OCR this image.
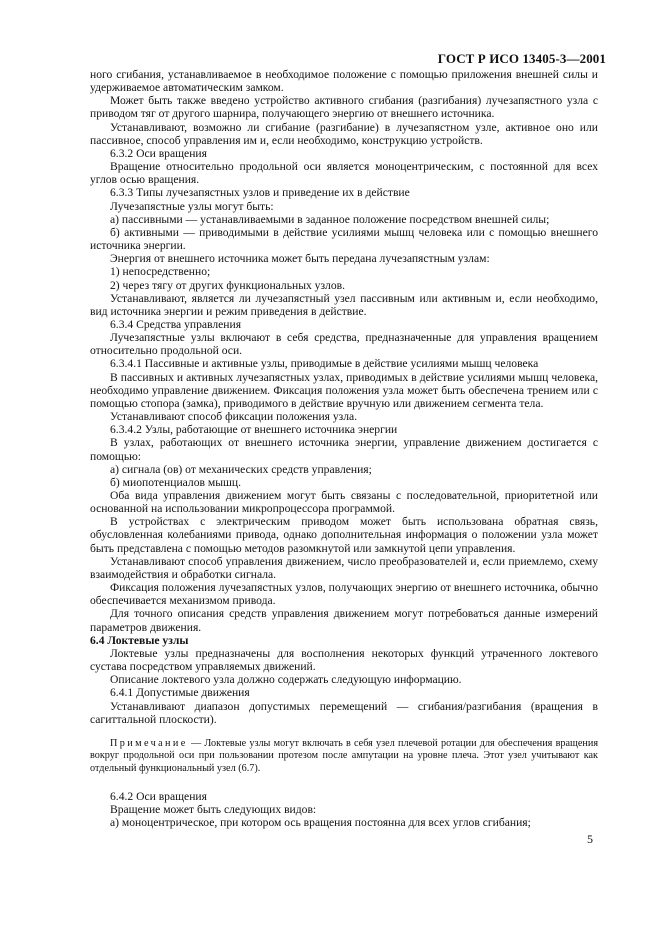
ГОСТ Р ИСО 13405-3—2001

ного сгибания, устанавливаемое в необходимое положение с помощью приложения внешней силы и удерживаемое автоматическим замком.

Может быть также введено устройство активного сгибания (разгибания) лучезапястного узла с приводом тяг от другого шарнира, получающего энергию от внешнего источника.

Устанавливают, возможно ли сгибание (разгибание) в лучезапястном узле, активное оно или пассивное, способ управления им и, если необходимо, конструкцию устройств.

6.3.2 Оси вращения

Вращение относительно продольной оси является моноцентрическим, с постоянной для всех углов осью вращения.

6.3.3 Типы лучезапястных узлов и приведение их в действие

Лучезапястные узлы могут быть:

а) пассивными — устанавливаемыми в заданное положение посредством внешней силы;

б) активными — приводимыми в действие усилиями мышц человека или с помощью внешнего источника энергии.

Энергия от внешнего источника может быть передана лучезапястным узлам:

1) непосредственно;

2) через тягу от других функциональных узлов.

Устанавливают, является ли лучезапястный узел пассивным или активным и, если необходимо, вид источника энергии и режим приведения в действие.

6.3.4 Средства управления

Лучезапястные узлы включают в себя средства, предназначенные для управления вращением относительно продольной оси.

6.3.4.1 Пассивные и активные узлы, приводимые в действие усилиями мышц человека

В пассивных и активных лучезапястных узлах, приводимых в действие усилиями мышц человека, необходимо управление движением. Фиксация положения узла может быть обеспечена трением или с помощью стопора (замка), приводимого в действие вручную или движением сегмента тела.

Устанавливают способ фиксации положения узла.

6.3.4.2 Узлы, работающие от внешнего источника энергии

В узлах, работающих от внешнего источника энергии, управление движением достигается с помощью:

а) сигнала (ов) от механических средств управления;

б) миопотенциалов мышц.

Оба вида управления движением могут быть связаны с последовательной, приоритетной или основанной на использовании микропроцессора программой.

В устройствах с электрическим приводом может быть использована обратная связь, обусловленная колебаниями привода, однако дополнительная информация о положении узла может быть представлена с помощью методов разомкнутой или замкнутой цепи управления.

Устанавливают способ управления движением, число преобразователей и, если приемлемо, схему взаимодействия и обработки сигнала.

Фиксация положения лучезапястных узлов, получающих энергию от внешнего источника, обычно обеспечивается механизмом привода.

Для точного описания средств управления движением могут потребоваться данные измерений параметров движения.

6.4 Локтевые узлы

Локтевые узлы предназначены для восполнения некоторых функций утраченного локтевого сустава посредством управляемых движений.

Описание локтевого узла должно содержать следующую информацию.

6.4.1 Допустимые движения

Устанавливают диапазон допустимых перемещений — сгибания/разгибания (вращения в сагиттальной плоскости).

Примечание — Локтевые узлы могут включать в себя узел плечевой ротации для обеспечения вращения вокруг продольной оси при пользовании протезом после ампутации на уровне плеча. Этот узел учитывают как отдельный функциональный узел (6.7).

6.4.2 Оси вращения

Вращение может быть следующих видов:

а) моноцентрическое, при котором ось вращения постоянна для всех углов сгибания;

5
